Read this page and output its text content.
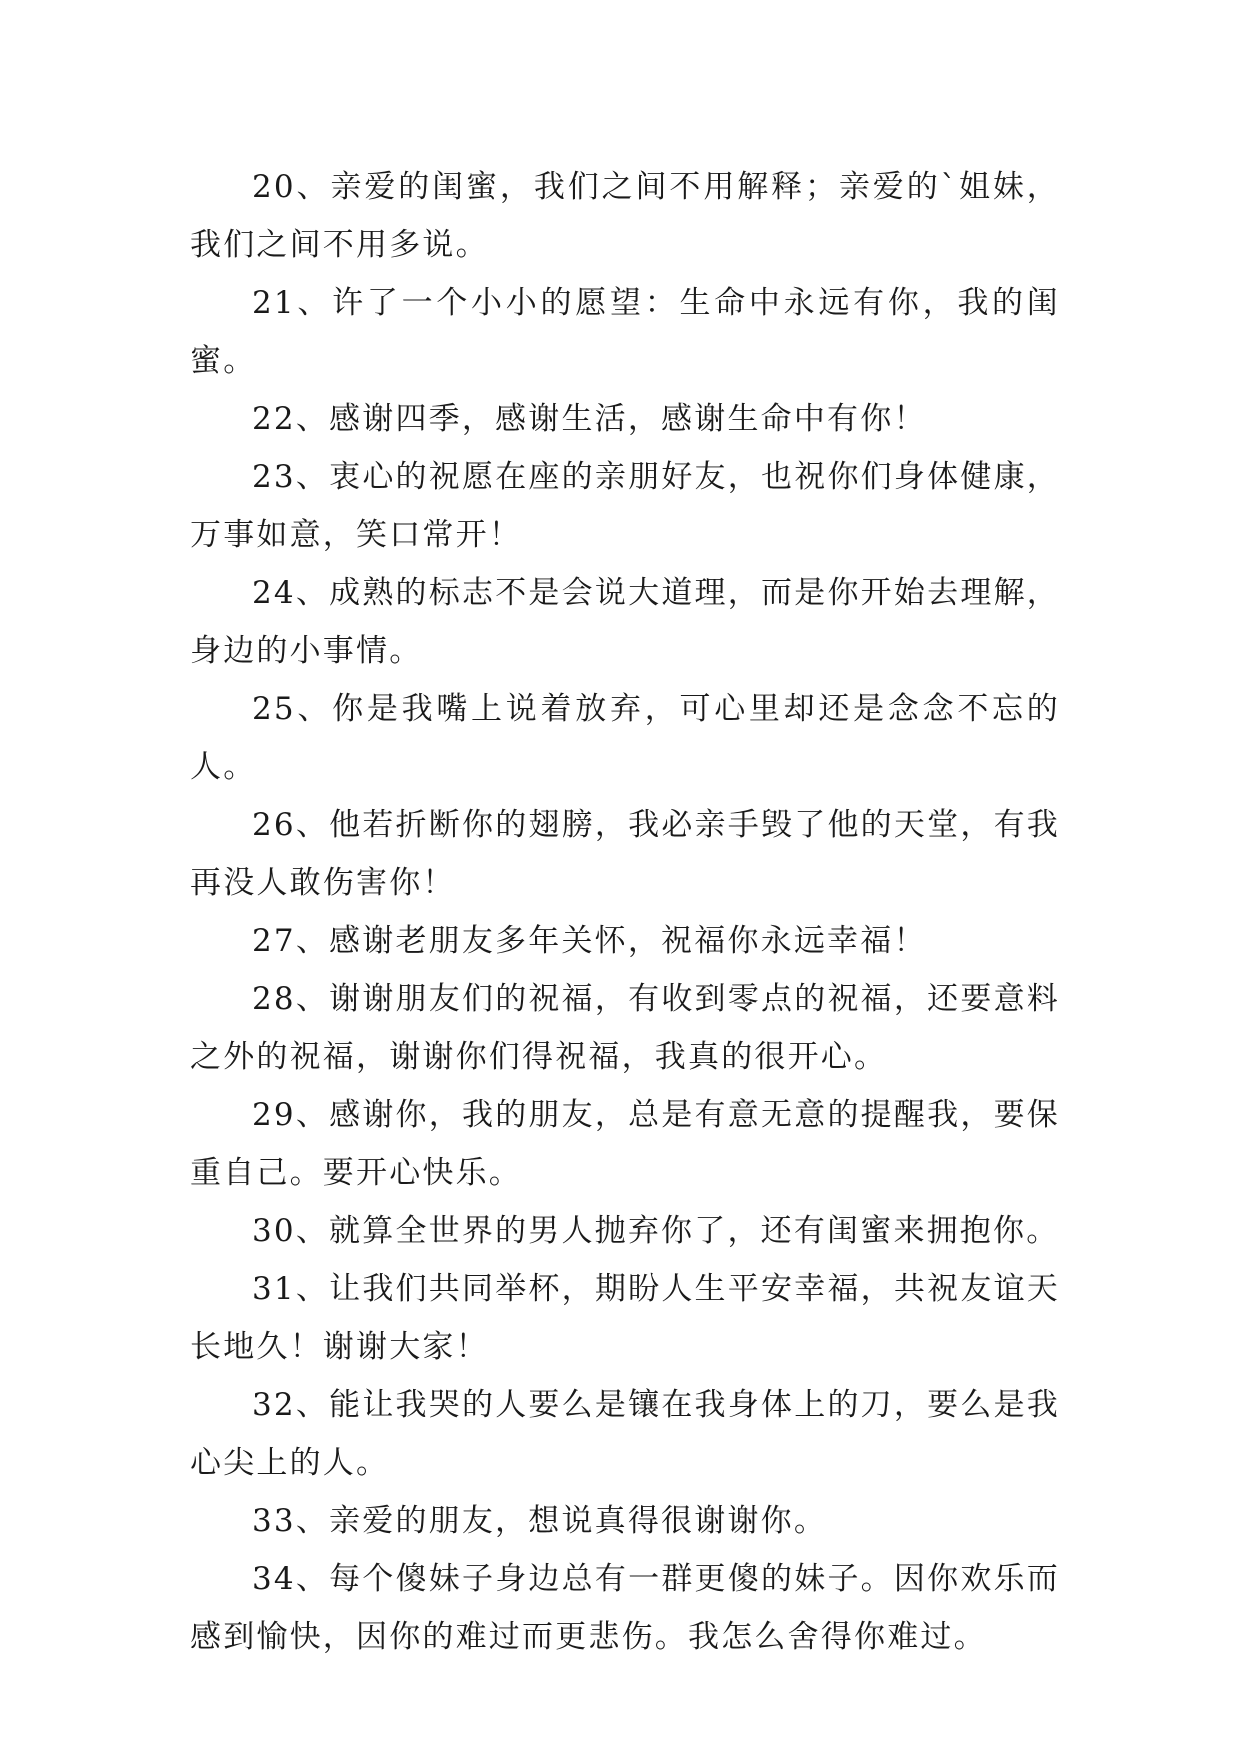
20、亲爱的闺蜜，我们之间不用解释；亲爱的`姐妹，我们之间不用多说。

21、许了一个小小的愿望：生命中永远有你，我的闺蜜。

22、感谢四季，感谢生活，感谢生命中有你！

23、衷心的祝愿在座的亲朋好友，也祝你们身体健康，万事如意，笑口常开！

24、成熟的标志不是会说大道理，而是你开始去理解，身边的小事情。

25、你是我嘴上说着放弃，可心里却还是念念不忘的人。

26、他若折断你的翅膀，我必亲手毁了他的天堂，有我再没人敢伤害你！

27、感谢老朋友多年关怀，祝福你永远幸福！

28、谢谢朋友们的祝福，有收到零点的祝福，还要意料之外的祝福，谢谢你们得祝福，我真的很开心。

29、感谢你，我的朋友，总是有意无意的提醒我，要保重自己。要开心快乐。

30、就算全世界的男人抛弃你了，还有闺蜜来拥抱你。

31、让我们共同举杯，期盼人生平安幸福，共祝友谊天长地久！谢谢大家！

32、能让我哭的人要么是镶在我身体上的刀，要么是我心尖上的人。

33、亲爱的朋友，想说真得很谢谢你。

34、每个傻妹子身边总有一群更傻的妹子。因你欢乐而感到愉快，因你的难过而更悲伤。我怎么舍得你难过。
